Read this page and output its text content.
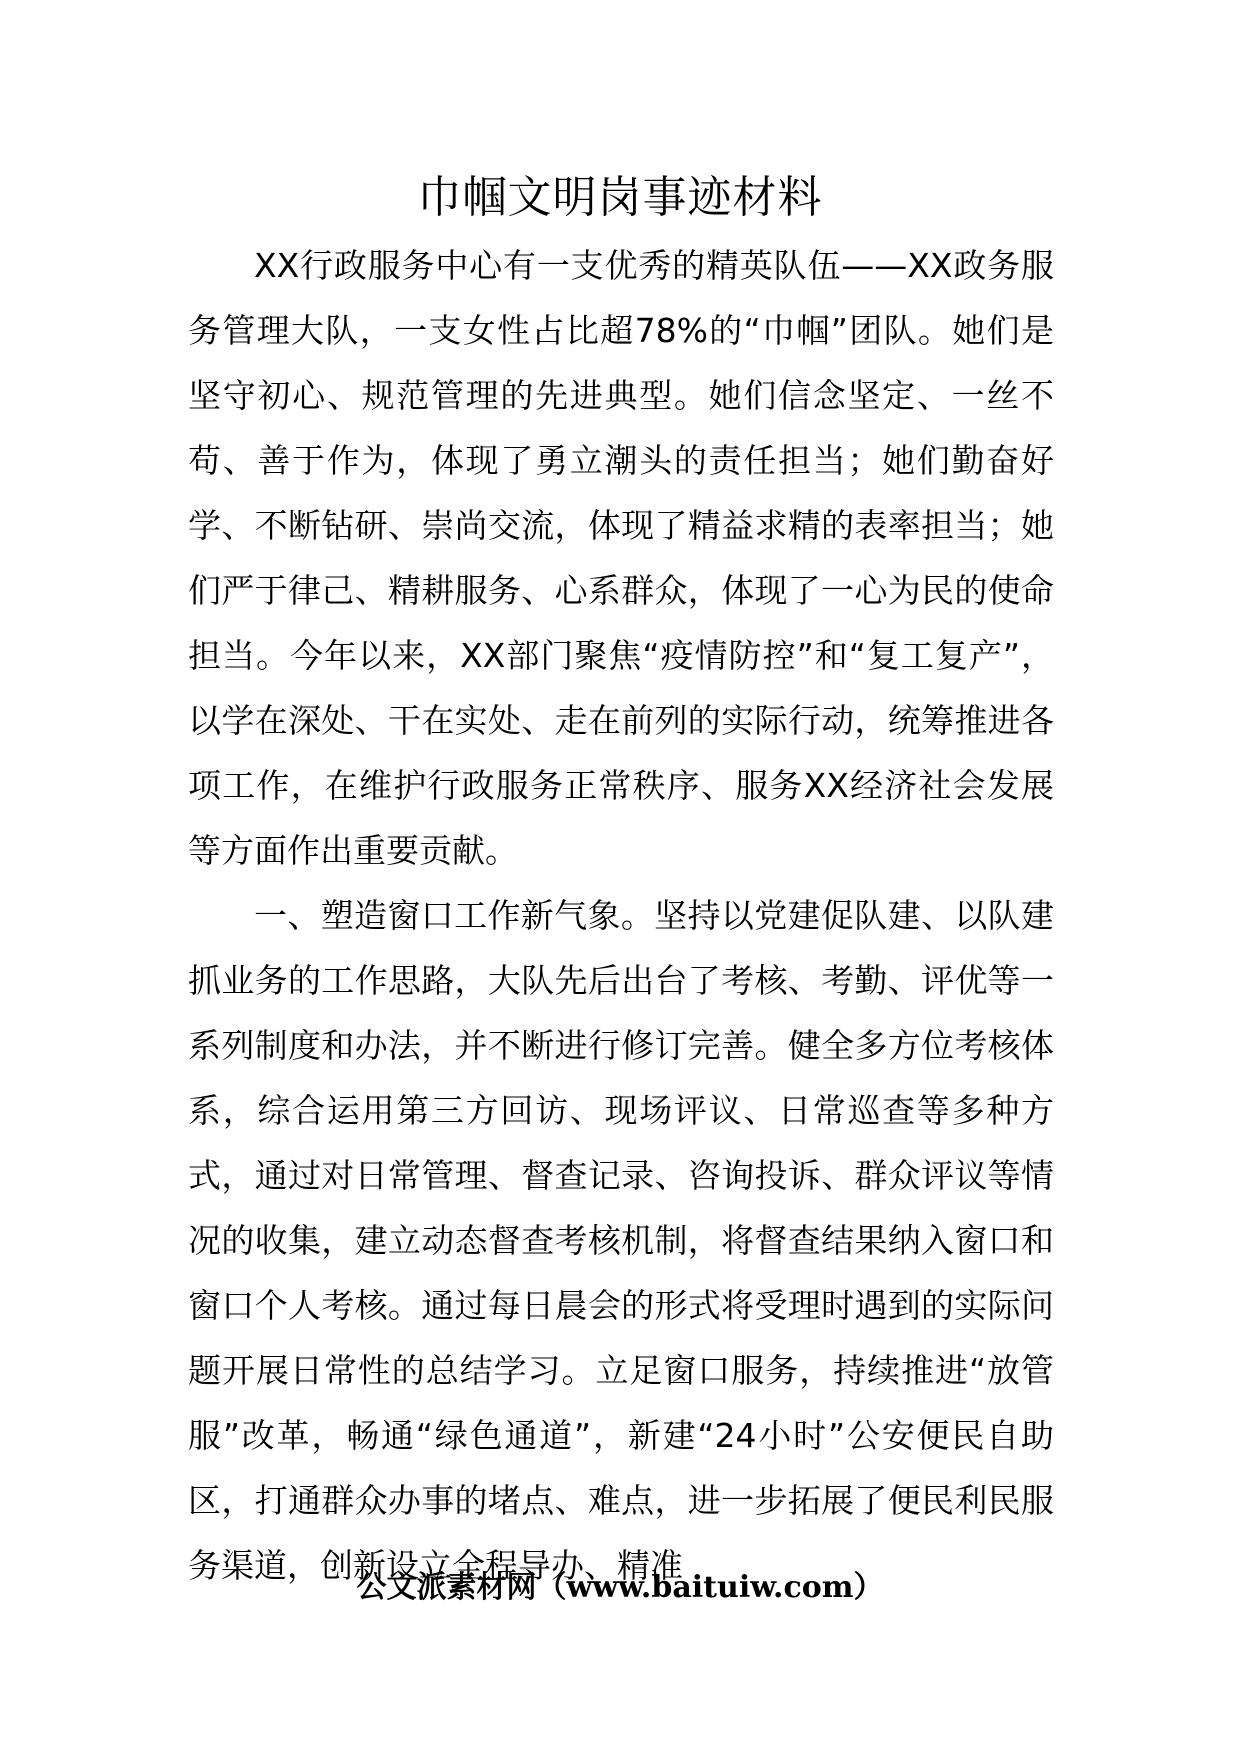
巾帼文明岗事迹材料

XX行政服务中心有一支优秀的精英队伍——XX政务服务管理大队，一支女性占比超78%的“巾帼”团队。她们是坚守初心、规范管理的先进典型。她们信念坚定、一丝不苟、善于作为，体现了勇立潮头的责任担当；她们勤奋好学、不断钻研、崇尚交流，体现了精益求精的表率担当；她们严于律己、精耕服务、心系群众，体现了一心为民的使命担当。今年以来，XX部门聚焦“疫情防控”和“复工复产”，以学在深处、干在实处、走在前列的实际行动，统筹推进各项工作，在维护行政服务正常秩序、服务XX经济社会发展等方面作出重要贡献。

一、塑造窗口工作新气象。坚持以党建促队建、以队建抓业务的工作思路，大队先后出台了考核、考勤、评优等一系列制度和办法，并不断进行修订完善。健全多方位考核体系，综合运用第三方回访、现场评议、日常巡查等多种方式，通过对日常管理、督查记录、咨询投诉、群众评议等情况的收集，建立动态督查考核机制，将督查结果纳入窗口和窗口个人考核。通过每日晨会的形式将受理时遇到的实际问题开展日常性的总结学习。立足窗口服务，持续推进“放管服”改革，畅通“绿色通道”，新建“24小时”公安便民自助区，打通群众办事的堵点、难点，进一步拓展了便民利民服务渠道，创新设立全程导办、精准

公文派素材网（www.baituiw.com）
